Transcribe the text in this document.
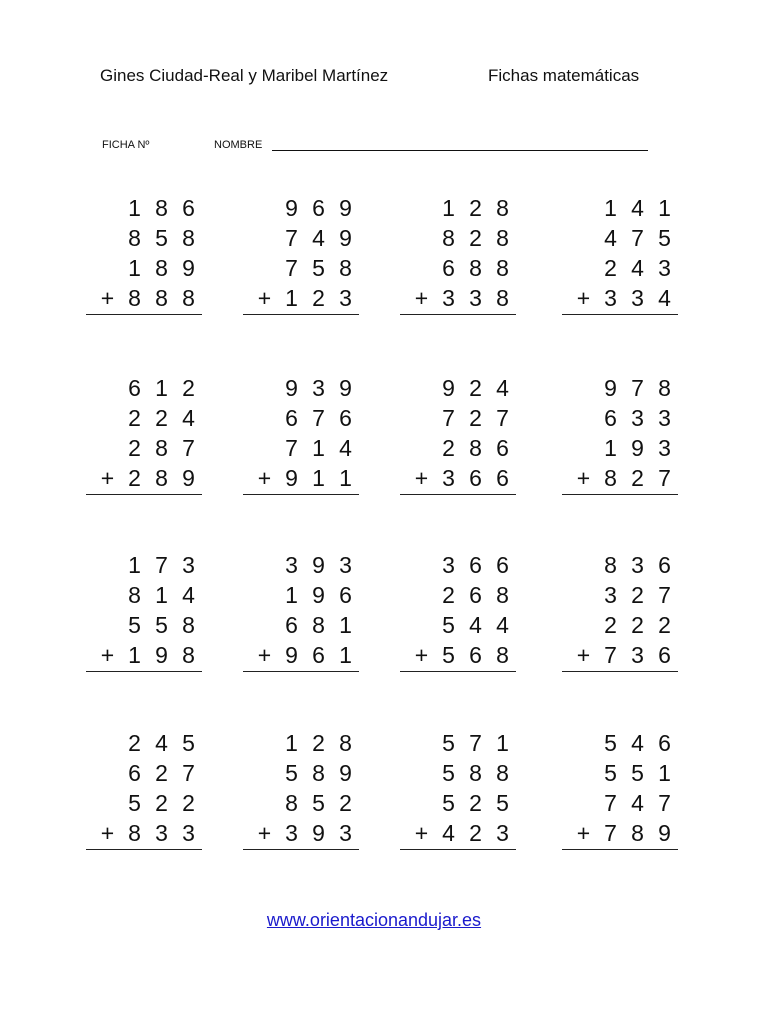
Gines Ciudad-Real y Maribel Martínez	Fichas matemáticas
FICHA Nº	NOMBRE
1 8 6
8 5 8
1 8 9
+ 8 8 8
9 6 9
7 4 9
7 5 8
+ 1 2 3
1 2 8
8 2 8
6 8 8
+ 3 3 8
1 4 1
4 7 5
2 4 3
+ 3 3 4
6 1 2
2 2 4
2 8 7
+ 2 8 9
9 3 9
6 7 6
7 1 4
+ 9 1 1
9 2 4
7 2 7
2 8 6
+ 3 6 6
9 7 8
6 3 3
1 9 3
+ 8 2 7
1 7 3
8 1 4
5 5 8
+ 1 9 8
3 9 3
1 9 6
6 8 1
+ 9 6 1
3 6 6
2 6 8
5 4 4
+ 5 6 8
8 3 6
3 2 7
2 2 2
+ 7 3 6
2 4 5
6 2 7
5 2 2
+ 8 3 3
1 2 8
5 8 9
8 5 2
+ 3 9 3
5 7 1
5 8 8
5 2 5
+ 4 2 3
5 4 6
5 5 1
7 4 7
+ 7 8 9
www.orientacionandujar.es
